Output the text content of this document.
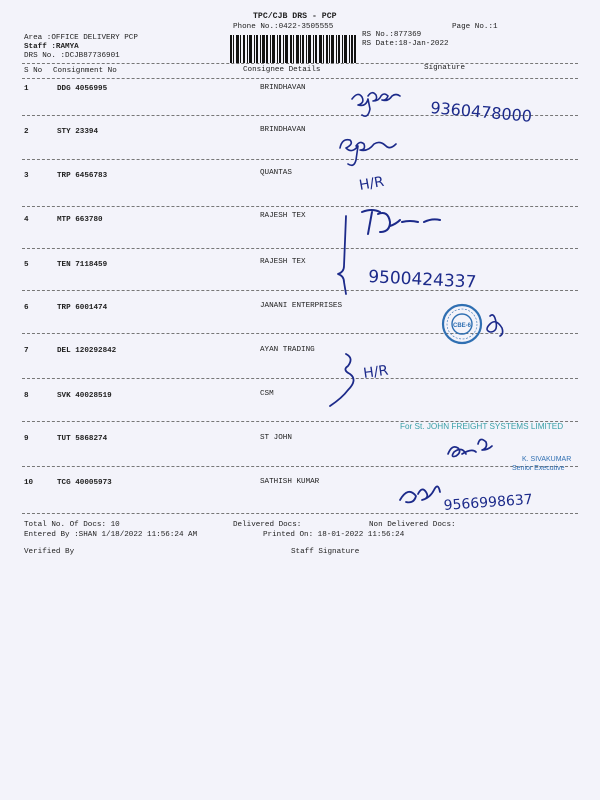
TPC/CJB DRS - PCP
Phone No.:0422-3505555
Area :OFFICE DELIVERY PCP
Staff :RAMYA
DRS No. :DCJB87736901
RS No.:877369
RS Date:18-Jan-2022
Page No.:1
S No Consignment No	Consignee Details	Signature
1	DDG 4056995	BRINDHAVAN
2	STY 23394	BRINDHAVAN
3	TRP 6456783	QUANTAS
4	MTP 663780	RAJESH TEX
5	TEN 7118459	RAJESH TEX
6	TRP 6001474	JANANI ENTERPRISES
7	DEL 120292842	AYAN TRADING
8	SVK 40028519	CSM
9	TUT 5868274	ST JOHN
10	TCG 40005973	SATHISH KUMAR
9360478000
H/R
9500424337
CBE-6
H/R
For St. JOHN FREIGHT SYSTEMS LIMITED
K. SIVAKUMAR
Senior Executive
9566998637
Total No. Of Docs: 10	Delivered Docs:	Non Delivered Docs:
Entered By :SHAN 1/18/2022 11:56:24 AM	Printed On: 18-01-2022 11:56:24
Verified By	Staff Signature
